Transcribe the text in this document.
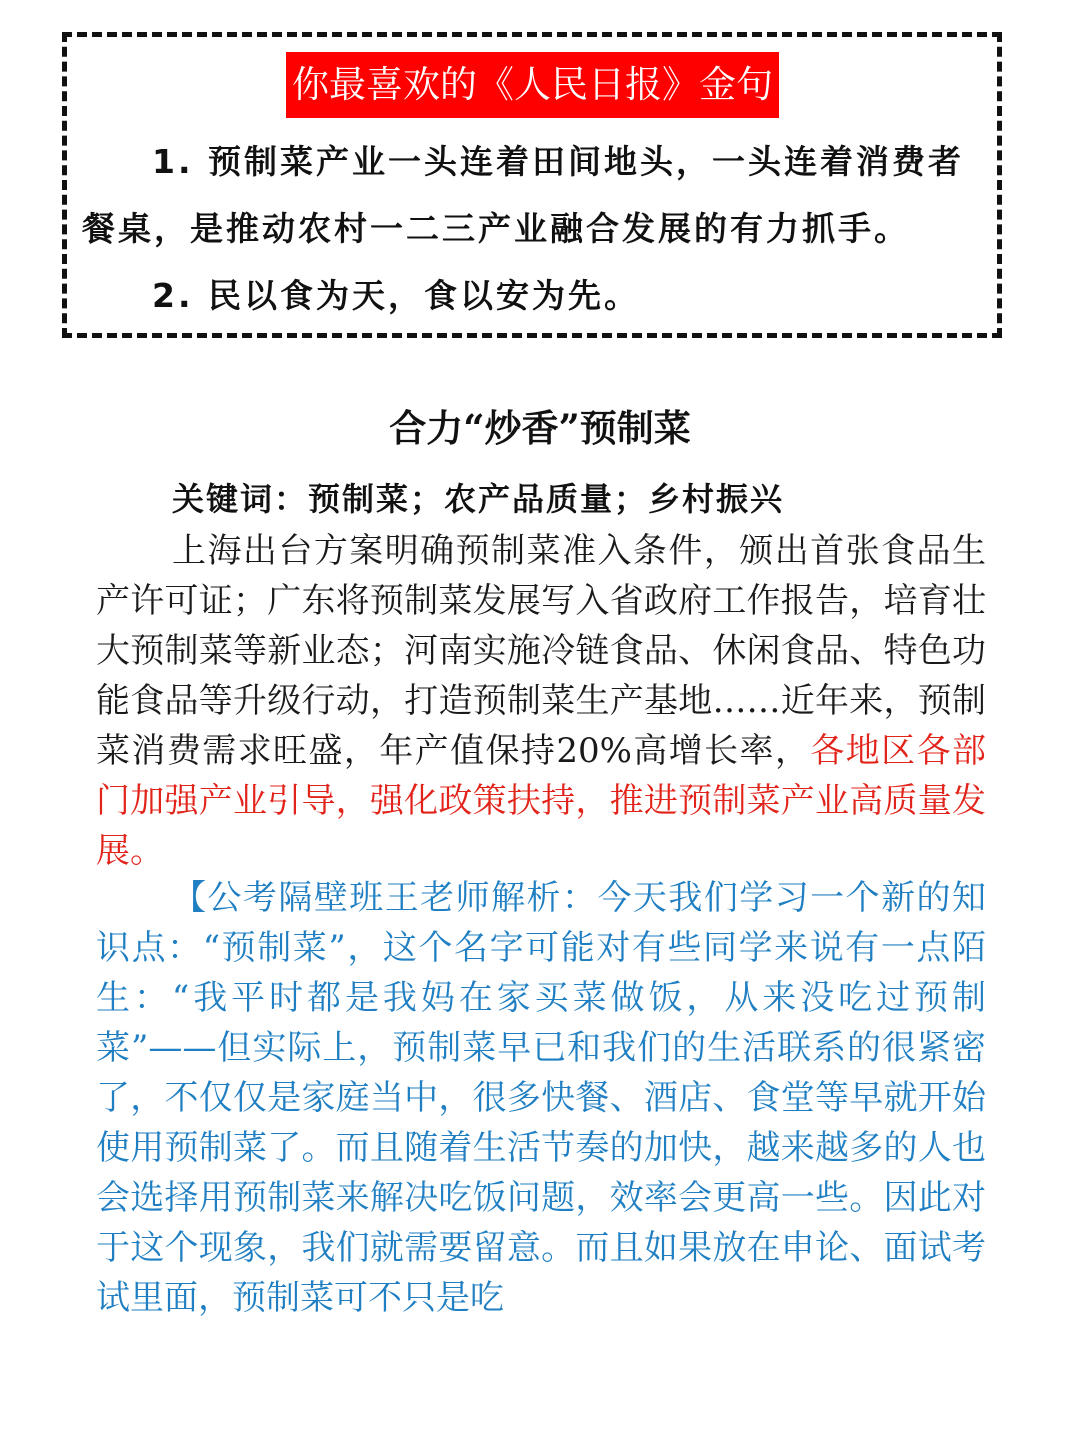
你最喜欢的《人民日报》金句

1. 预制菜产业一头连着田间地头，一头连着消费者餐桌，是推动农村一二三产业融合发展的有力抓手。

2. 民以食为天，食以安为先。

合力“炒香”预制菜
关键词：预制菜；农产品质量；乡村振兴

上海出台方案明确预制菜准入条件，颁出首张食品生产许可证；广东将预制菜发展写入省政府工作报告，培育壮大预制菜等新业态；河南实施冷链食品、休闲食品、特色功能食品等升级行动，打造预制菜生产基地……近年来，预制菜消费需求旺盛，年产值保持20%高增长率，各地区各部门加强产业引导，强化政策扶持，推进预制菜产业高质量发展。

【公考隔壁班王老师解析：今天我们学习一个新的知识点：“预制菜”，这个名字可能对有些同学来说有一点陌生：“我平时都是我妈在家买菜做饭，从来没吃过预制菜”——但实际上，预制菜早已和我们的生活联系的很紧密了，不仅仅是家庭当中，很多快餐、酒店、食堂等早就开始使用预制菜了。而且随着生活节奏的加快，越来越多的人也会选择用预制菜来解决吃饭问题，效率会更高一些。因此对于这个现象，我们就需要留意。而且如果放在申论、面试考试里面，预制菜可不只是吃
